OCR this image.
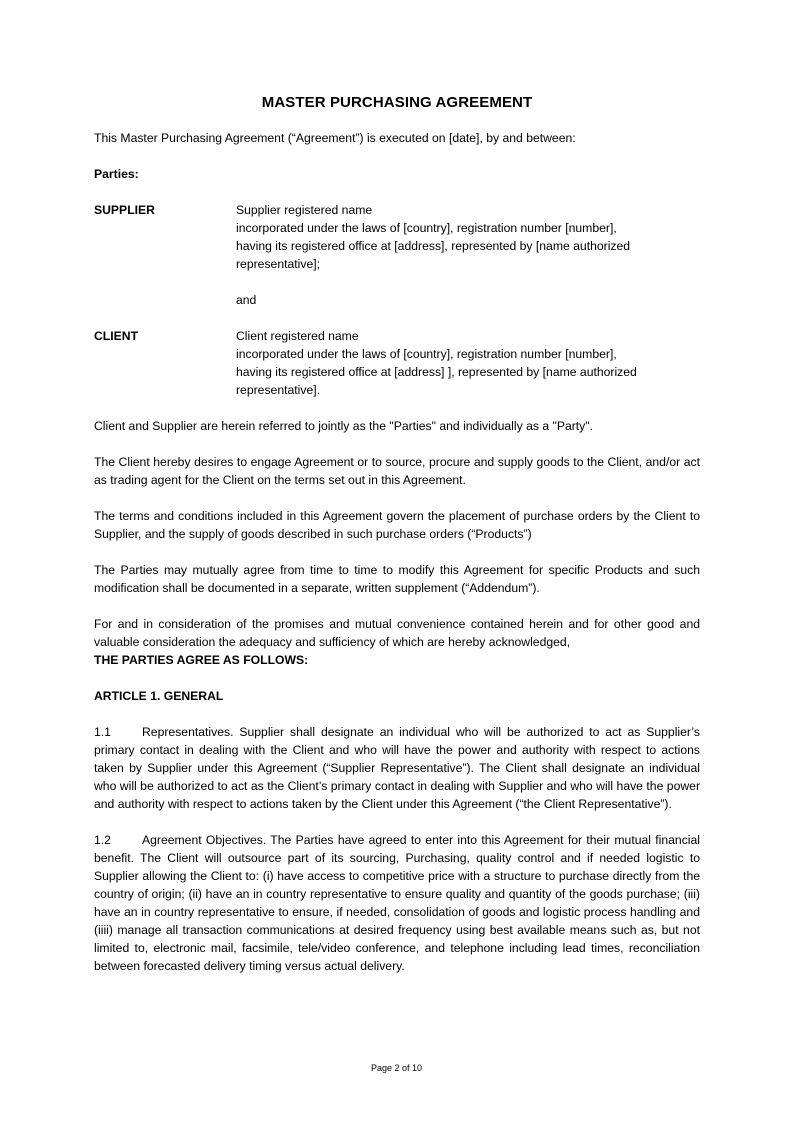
MASTER PURCHASING AGREEMENT

This Master Purchasing Agreement (“Agreement”) is executed on [date], by and between:

Parties:

SUPPLIER	Supplier registered name
incorporated under the laws of [country], registration number [number],
having its registered office at [address], represented by [name authorized
representative];
and
CLIENT	Client registered name
incorporated under the laws of [country], registration number [number],
having its registered office at [address] ], represented by [name authorized
representative].

Client and Supplier are herein referred to jointly as the "Parties" and individually as a "Party".

The Client hereby desires to engage Agreement or to source, procure and supply goods to the Client, and/or act as trading agent for the Client on the terms set out in this Agreement.

The terms and conditions included in this Agreement govern the placement of purchase orders by the Client to Supplier, and the supply of goods described in such purchase orders (“Products”)

The Parties may mutually agree from time to time to modify this Agreement for specific Products and such modification shall be documented in a separate, written supplement (“Addendum”).

For and in consideration of the promises and mutual convenience contained herein and for other good and valuable consideration the adequacy and sufficiency of which are hereby acknowledged,
THE PARTIES AGREE AS FOLLOWS:

ARTICLE 1. GENERAL

1.1	Representatives. Supplier shall designate an individual who will be authorized to act as Supplier’s primary contact in dealing with the Client and who will have the power and authority with respect to actions taken by Supplier under this Agreement (“Supplier Representative”). The Client shall designate an individual who will be authorized to act as the Client’s primary contact in dealing with Supplier and who will have the power and authority with respect to actions taken by the Client under this Agreement (“the Client Representative”).

1.2	Agreement Objectives. The Parties have agreed to enter into this Agreement for their mutual financial benefit. The Client will outsource part of its sourcing, Purchasing, quality control and if needed logistic to Supplier allowing the Client to: (i) have access to competitive price with a structure to purchase directly from the country of origin; (ii) have an in country representative to ensure quality and quantity of the goods purchase; (iii) have an in country representative to ensure, if needed, consolidation of goods and logistic process handling and (iiii) manage all transaction communications at desired frequency using best available means such as, but not limited to, electronic mail, facsimile, tele/video conference, and telephone including lead times, reconciliation between forecasted delivery timing versus actual delivery.

Page 2 of 10
